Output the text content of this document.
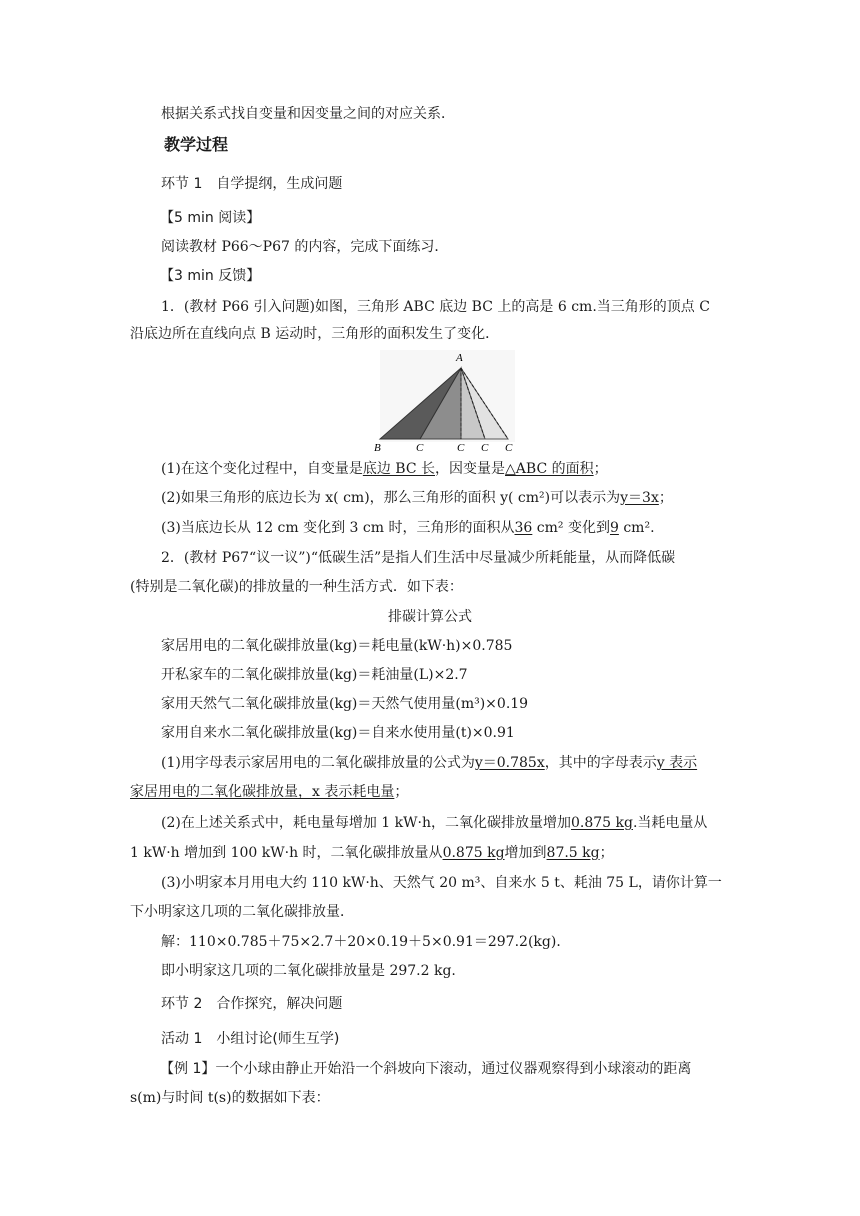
根据关系式找自变量和因变量之间的对应关系．
教学过程
环节 1　自学提纲，生成问题
【5 min 阅读】
阅读教材 P66～P67 的内容，完成下面练习．
【3 min 反馈】
1．(教材 P66 引入问题)如图，三角形 ABC 底边 BC 上的高是 6 cm.当三角形的顶点 C
沿底边所在直线向点 B 运动时，三角形的面积发生了变化．
A
B	C	C C C
(1)在这个变化过程中，自变量是底边 BC 长，因变量是△ABC 的面积；
(2)如果三角形的底边长为 x( cm)，那么三角形的面积 y( cm²)可以表示为y＝3x；
(3)当底边长从 12 cm 变化到 3 cm 时，三角形的面积从36 cm² 变化到9 cm².
2．(教材 P67“议一议”)“低碳生活”是指人们生活中尽量减少所耗能量，从而降低碳
(特别是二氧化碳)的排放量的一种生活方式．如下表：
排碳计算公式
家居用电的二氧化碳排放量(kg)＝耗电量(kW·h)×0.785
开私家车的二氧化碳排放量(kg)＝耗油量(L)×2.7
家用天然气二氧化碳排放量(kg)＝天然气使用量(m³)×0.19
家用自来水二氧化碳排放量(kg)＝自来水使用量(t)×0.91
(1)用字母表示家居用电的二氧化碳排放量的公式为y＝0.785x，其中的字母表示y 表示
家居用电的二氧化碳排放量，x 表示耗电量；
(2)在上述关系式中，耗电量每增加 1 kW·h，二氧化碳排放量增加0.875 kg.当耗电量从
1 kW·h 增加到 100 kW·h 时，二氧化碳排放量从0.875 kg增加到87.5 kg；
(3)小明家本月用电大约 110 kW·h、天然气 20 m³、自来水 5 t、耗油 75 L，请你计算一
下小明家这几项的二氧化碳排放量．
解：110×0.785＋75×2.7＋20×0.19＋5×0.91＝297.2(kg)．
即小明家这几项的二氧化碳排放量是 297.2 kg.
环节 2　合作探究，解决问题
活动 1　小组讨论(师生互学)
【例 1】一个小球由静止开始沿一个斜坡向下滚动，通过仪器观察得到小球滚动的距离
s(m)与时间 t(s)的数据如下表：
